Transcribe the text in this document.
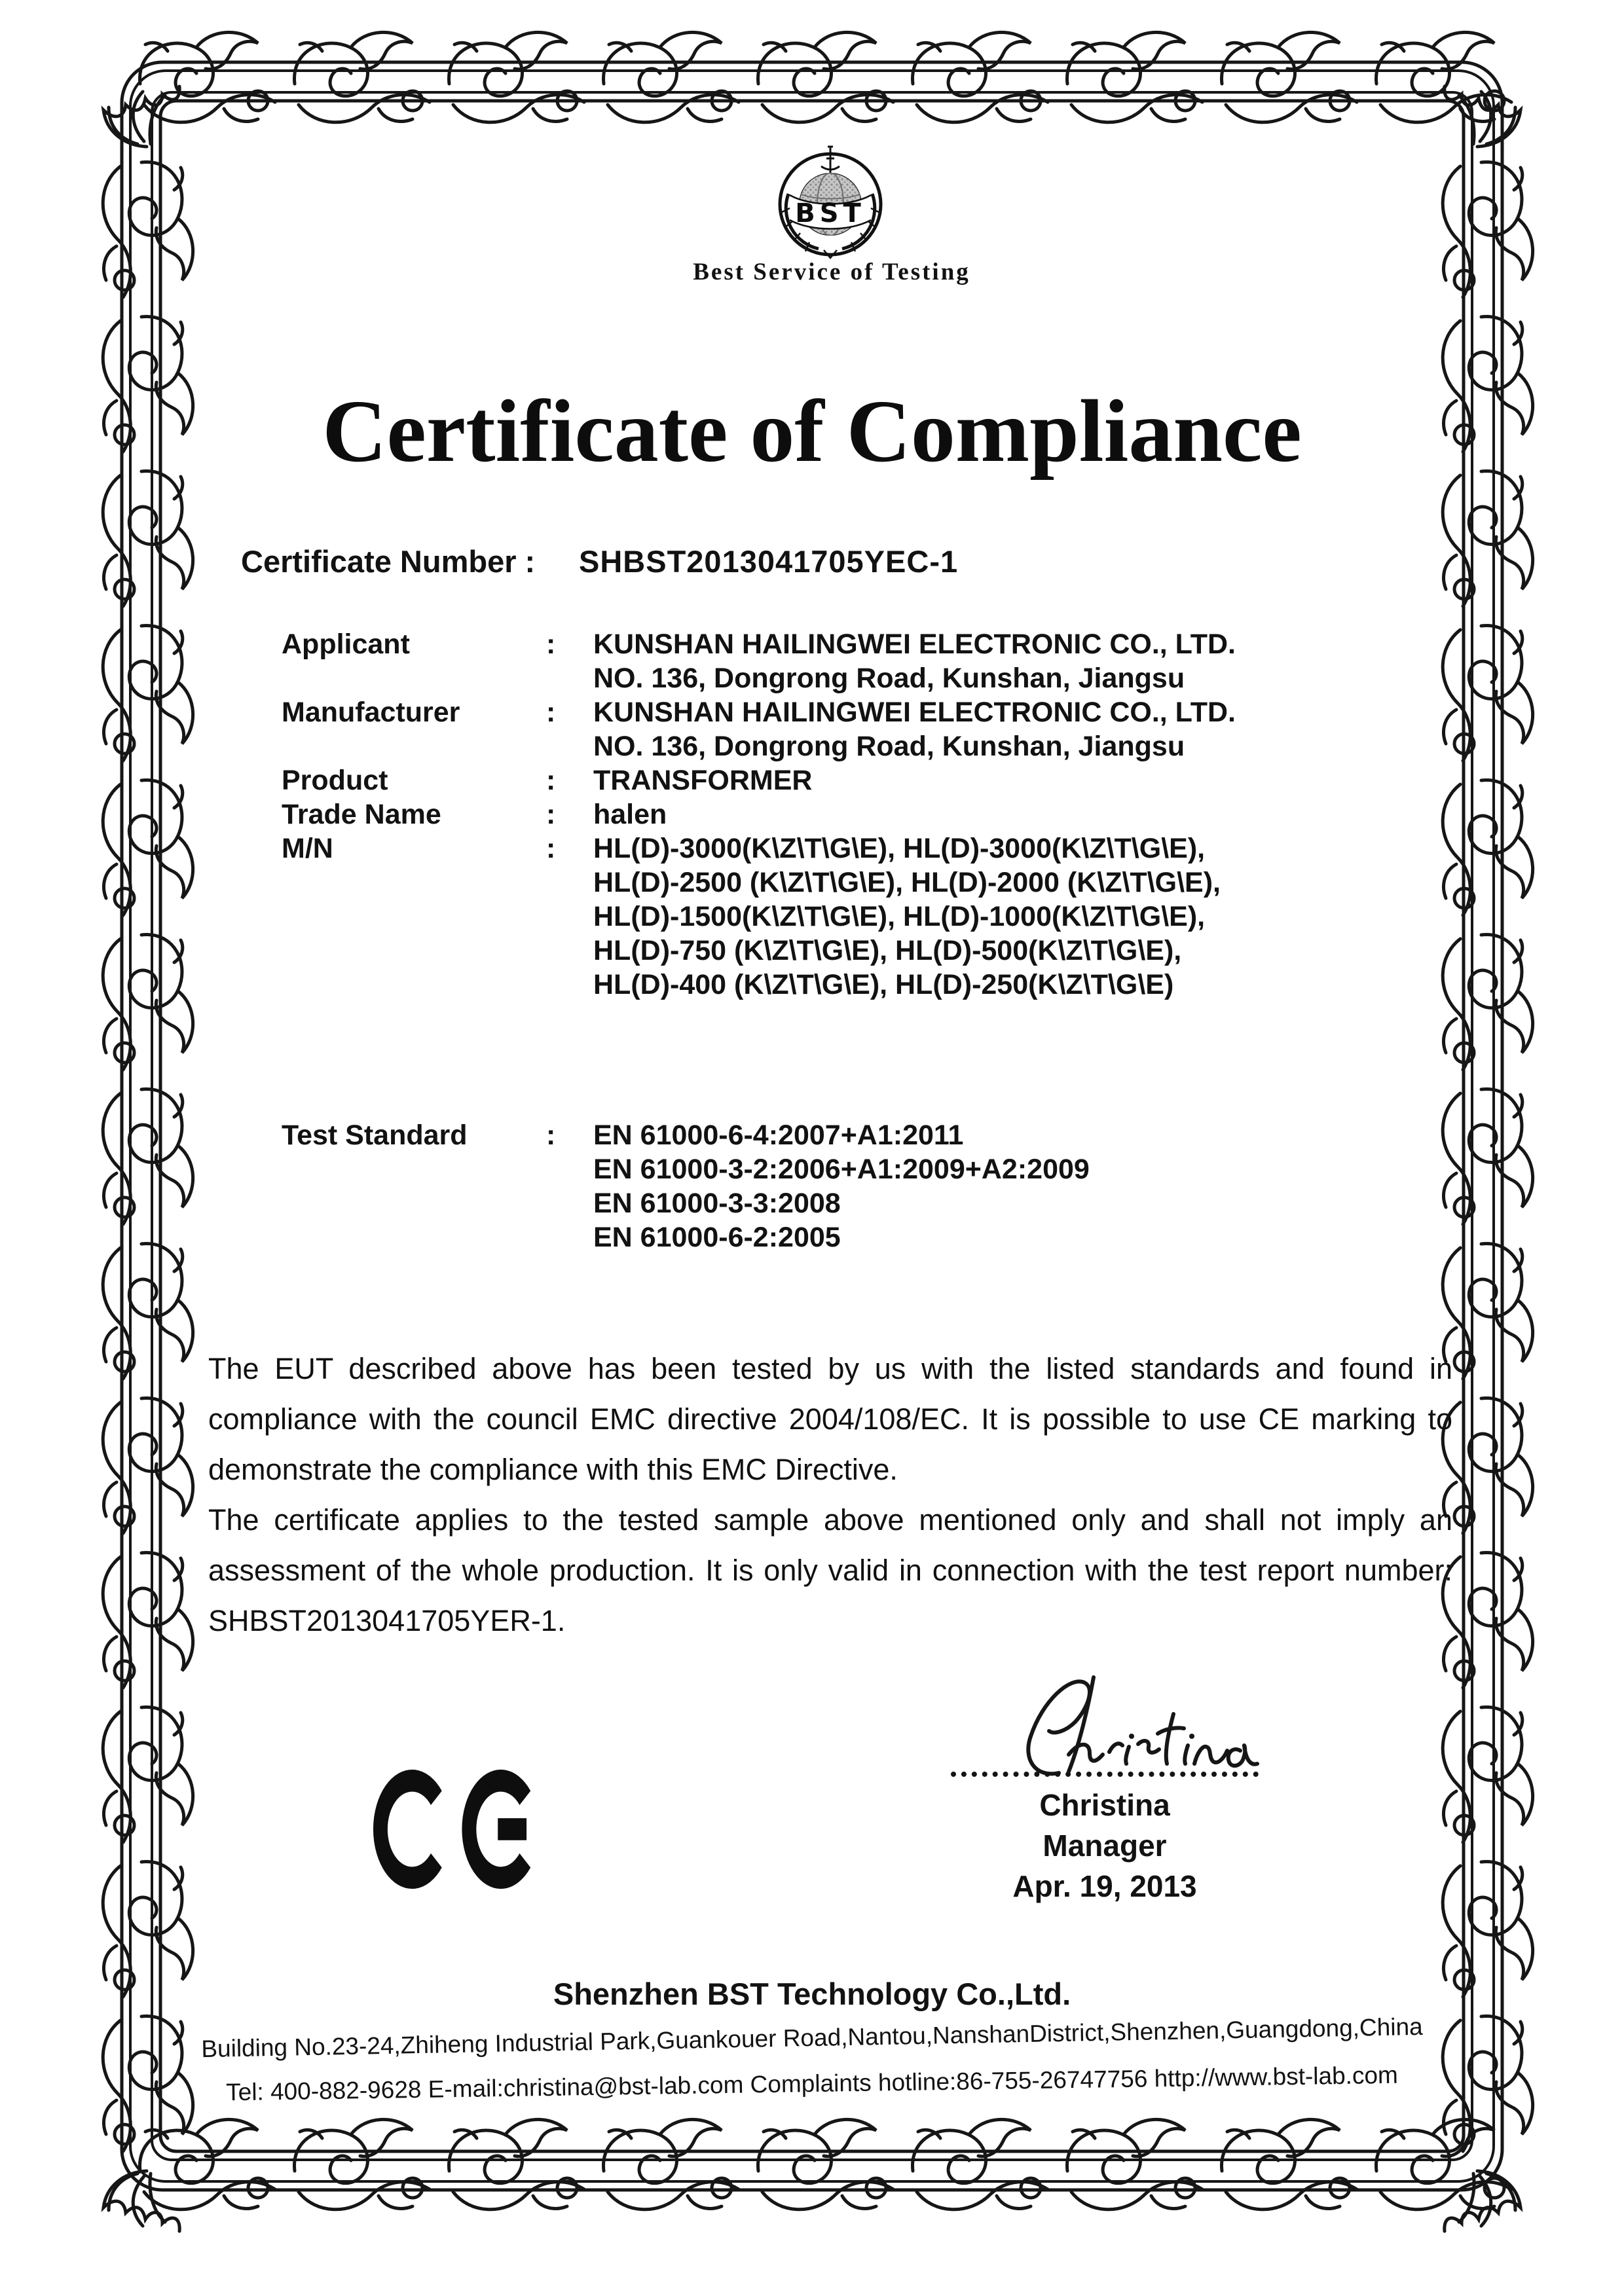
BST
Best Service of Testing
Certificate of Compliance
Certificate Number : SHBST2013041705YEC-1
Applicant	:	KUNSHAN HAILINGWEI ELECTRONIC CO., LTD.
NO. 136, Dongrong Road, Kunshan, Jiangsu
Manufacturer	:	KUNSHAN HAILINGWEI ELECTRONIC CO., LTD.
NO. 136, Dongrong Road, Kunshan, Jiangsu
Product	:	TRANSFORMER
Trade Name	:	halen
M/N	:	HL(D)-3000(K\Z\T\G\E), HL(D)-3000(K\Z\T\G\E),
HL(D)-2500 (K\Z\T\G\E), HL(D)-2000 (K\Z\T\G\E),
HL(D)-1500(K\Z\T\G\E), HL(D)-1000(K\Z\T\G\E),
HL(D)-750 (K\Z\T\G\E), HL(D)-500(K\Z\T\G\E),
HL(D)-400 (K\Z\T\G\E), HL(D)-250(K\Z\T\G\E)
Test Standard	:	EN 61000-6-4:2007+A1:2011
EN 61000-3-2:2006+A1:2009+A2:2009
EN 61000-3-3:2008
EN 61000-6-2:2005

The EUT described above has been tested by us with the listed standards and found in compliance with the council EMC directive 2004/108/EC. It is possible to use CE marking to demonstrate the compliance with this EMC Directive.

The certificate applies to the tested sample above mentioned only and shall not imply an assessment of the whole production. It is only valid in connection with the test report number: SHBST2013041705YER-1.

Christina
Manager
Apr. 19, 2013
Shenzhen BST Technology Co.,Ltd.
Building No.23-24,Zhiheng Industrial Park,Guankouer Road,Nantou,NanshanDistrict,Shenzhen,Guangdong,China
Tel: 400-882-9628 E-mail:christina@bst-lab.com Complaints hotline:86-755-26747756 http://www.bst-lab.com
